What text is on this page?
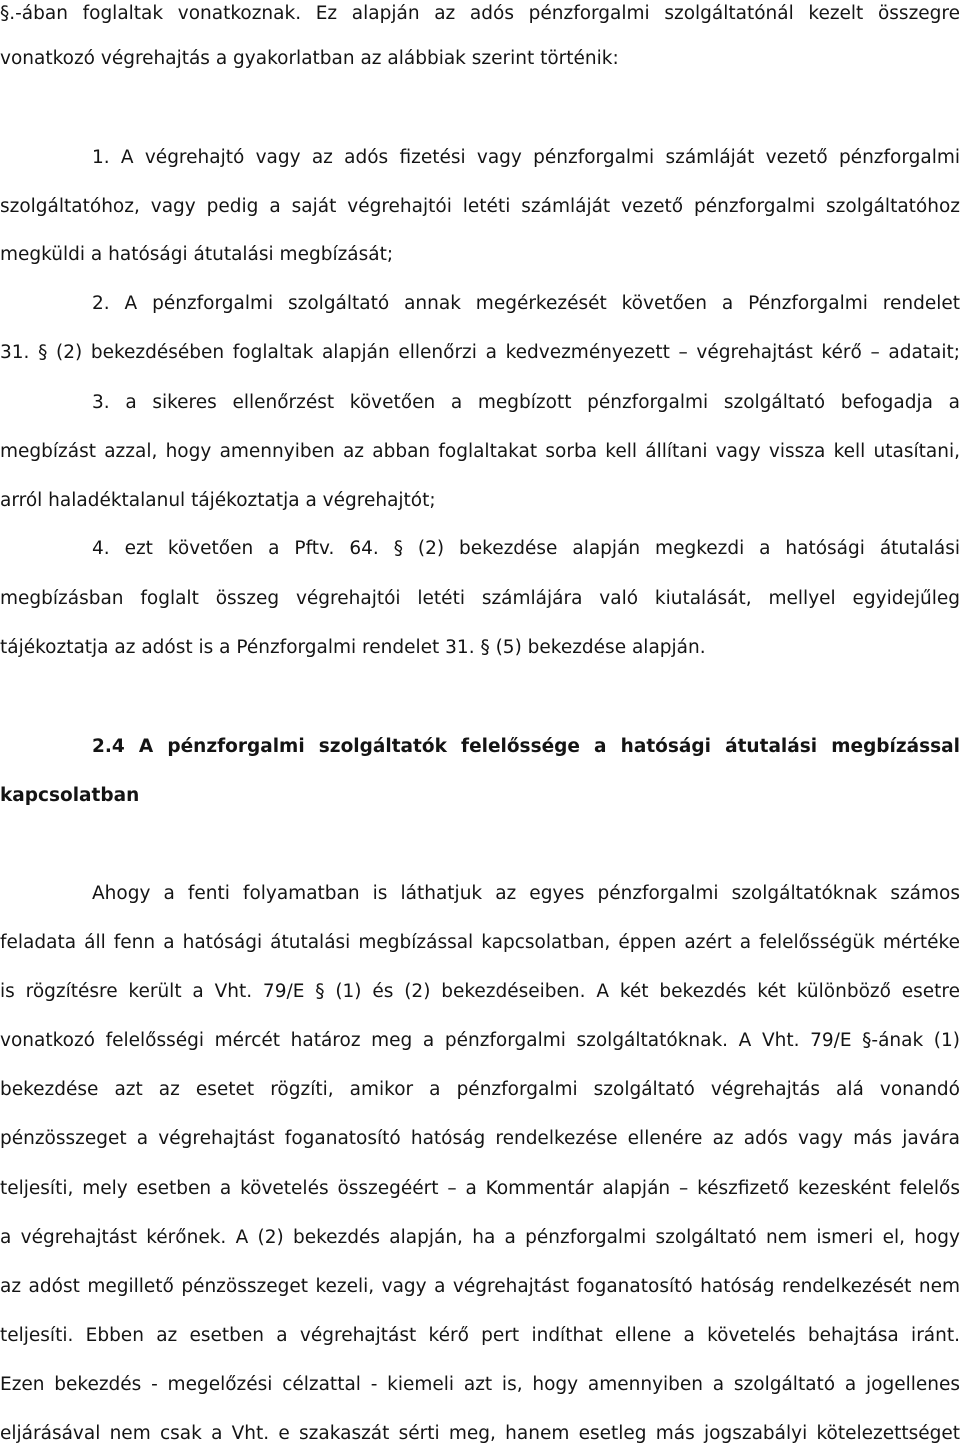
§.-ában foglaltak vonatkoznak. Ez alapján az adós pénzforgalmi szolgáltatónál kezelt összegre
vonatkozó végrehajtás a gyakorlatban az alábbiak szerint történik:
1. A végrehajtó vagy az adós fizetési vagy pénzforgalmi számláját vezető pénzforgalmi
szolgáltatóhoz, vagy pedig a saját végrehajtói letéti számláját vezető pénzforgalmi szolgáltatóhoz
megküldi a hatósági átutalási megbízását;
2. A pénzforgalmi szolgáltató annak megérkezését követően a Pénzforgalmi rendelet
31. § (2) bekezdésében foglaltak alapján ellenőrzi a kedvezményezett – végrehajtást kérő – adatait;
3. a sikeres ellenőrzést követően a megbízott pénzforgalmi szolgáltató befogadja a
megbízást azzal, hogy amennyiben az abban foglaltakat sorba kell állítani vagy vissza kell utasítani,
arról haladéktalanul tájékoztatja a végrehajtót;
4. ezt követően a Pftv. 64. § (2) bekezdése alapján megkezdi a hatósági átutalási
megbízásban foglalt összeg végrehajtói letéti számlájára való kiutalását, mellyel egyidejűleg
tájékoztatja az adóst is a Pénzforgalmi rendelet 31. § (5) bekezdése alapján.
2.4 A pénzforgalmi szolgáltatók felelőssége a hatósági átutalási megbízással
kapcsolatban
Ahogy a fenti folyamatban is láthatjuk az egyes pénzforgalmi szolgáltatóknak számos
feladata áll fenn a hatósági átutalási megbízással kapcsolatban, éppen azért a felelősségük mértéke
is rögzítésre került a Vht. 79/E § (1) és (2) bekezdéseiben. A két bekezdés két különböző esetre
vonatkozó felelősségi mércét határoz meg a pénzforgalmi szolgáltatóknak. A Vht. 79/E §-ának (1)
bekezdése azt az esetet rögzíti, amikor a pénzforgalmi szolgáltató végrehajtás alá vonandó
pénzösszeget a végrehajtást foganatosító hatóság rendelkezése ellenére az adós vagy más javára
teljesíti, mely esetben a követelés összegéért – a Kommentár alapján – készfizető kezesként felelős
a végrehajtást kérőnek. A (2) bekezdés alapján, ha a pénzforgalmi szolgáltató nem ismeri el, hogy
az adóst megillető pénzösszeget kezeli, vagy a végrehajtást foganatosító hatóság rendelkezését nem
teljesíti. Ebben az esetben a végrehajtást kérő pert indíthat ellene a követelés behajtása iránt.
Ezen bekezdés - megelőzési célzattal - kiemeli azt is, hogy amennyiben a szolgáltató a jogellenes
eljárásával nem csak a Vht. e szakaszát sérti meg, hanem esetleg más jogszabályi kötelezettséget
